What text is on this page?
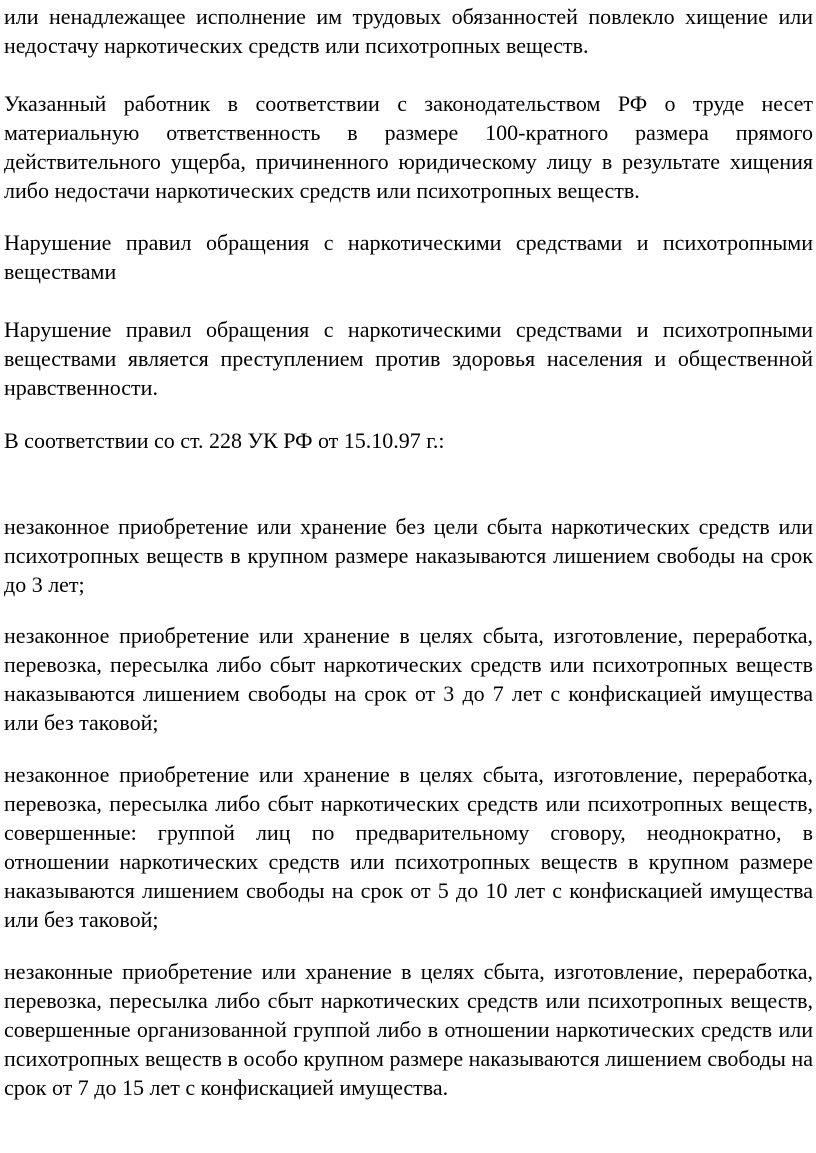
или ненадлежащее исполнение им трудовых обязанностей повлекло хищение или недостачу наркотических средств или психотропных веществ.

Указанный работник в соответствии с законодательством РФ о труде несет материальную ответственность в размере 100-кратного размера прямого действительного ущерба, причиненного юридическому лицу в результате хищения либо недостачи наркотических средств или психотропных веществ.

Нарушение правил обращения с наркотическими средствами и психотропными веществами

Нарушение правил обращения с наркотическими средствами и психотропными веществами является преступлением против здоровья населения и общественной нравственности.

В соответствии со ст. 228 УК РФ от 15.10.97 г.:

незаконное приобретение или хранение без цели сбыта наркотических средств или психотропных веществ в крупном размере наказываются лишением свободы на срок до 3 лет;

незаконное приобретение или хранение в целях сбыта, изготовление, переработка, перевозка, пересылка либо сбыт наркотических средств или психотропных веществ наказываются лишением свободы на срок от 3 до 7 лет с конфискацией имущества или без таковой;

незаконное приобретение или хранение в целях сбыта, изготовление, переработка, перевозка, пересылка либо сбыт наркотических средств или психотропных веществ, совершенные: группой лиц по предварительному сговору, неоднократно, в отношении наркотических средств или психотропных веществ в крупном размере наказываются лишением свободы на срок от 5 до 10 лет с конфискацией имущества или без таковой;

незаконные приобретение или хранение в целях сбыта, изготовление, переработка, перевозка, пересылка либо сбыт наркотических средств или психотропных веществ, совершенные организованной группой либо в отношении наркотических средств или психотропных веществ в особо крупном размере наказываются лишением свободы на срок от 7 до 15 лет с конфискацией имущества.
